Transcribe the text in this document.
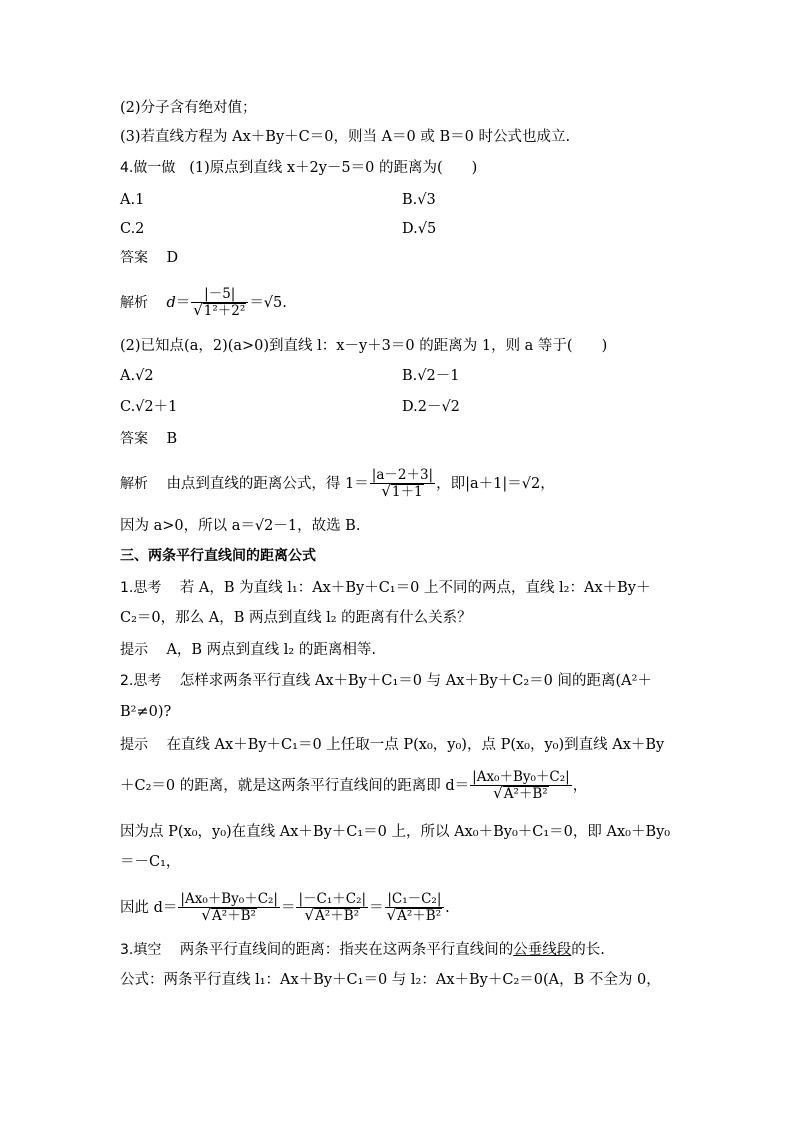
(2)分子含有绝对值；
(3)若直线方程为 Ax＋By＋C＝0，则当 A＝0 或 B＝0 时公式也成立.
4.做一做 (1)原点到直线 x＋2y－5＝0 的距离为(　　)
A.1	B.√3
C.2	D.√5
答案 D
解析 $d= \frac{|-5|}{\text{√1²＋2²}} =√5$.
(2)已知点(a，2)(a>0)到直线 l：x－y＋3＝0 的距离为 1，则 a 等于(　　)
A.√2	B.√2－1
C.√2＋1	D.2－√2
答案 B
解析 由点到直线的距离公式，得 $1= \frac{|a-2+3|}{√1+1}$ ，即|a＋1|＝√2，
因为 a>0，所以 a＝√2－1，故选 B.
三、两条平行直线间的距离公式
1.思考 若 A，B 为直线 l₁：Ax＋By＋C₁＝0 上不同的两点，直线 l₂：Ax＋By＋
C₂＝0，那么 A，B 两点到直线 l₂ 的距离有什么关系？
提示 A，B 两点到直线 l₂ 的距离相等.
2.思考 怎样求两条平行直线 Ax＋By＋C₁＝0 与 Ax＋By＋C₂＝0 间的距离(A²＋
B²≠0)?
提示 在直线 Ax＋By＋C₁＝0 上任取一点 P(x₀，y₀)，点 P(x₀，y₀)到直线 Ax＋By
＋C₂＝0 的距离，就是这两条平行直线间的距离即 $d= \frac{\text{|Ax₀＋By₀＋C₂|}}{\text{√A²＋B²}}$ ，
因为点 P(x₀，y₀)在直线 Ax＋By＋C₁＝0 上，所以 Ax₀＋By₀＋C₁＝0，即 Ax₀＋By₀
＝－C₁，
因此 $d= \frac{\text{|Ax₀＋By₀＋C₂|}}{\text{√A²＋B²}} = \frac{\text{|－C₁＋C₂|}}{\text{√A²＋B²}} = \frac{\text{|C₁－C₂|}}{\text{√A²＋B²}}$ .
3.填空 两条平行直线间的距离：指夹在这两条平行直线间的公垂线段的长.
公式：两条平行直线 l₁：Ax＋By＋C₁＝0 与 l₂：Ax＋By＋C₂＝0(A，B 不全为 0，
